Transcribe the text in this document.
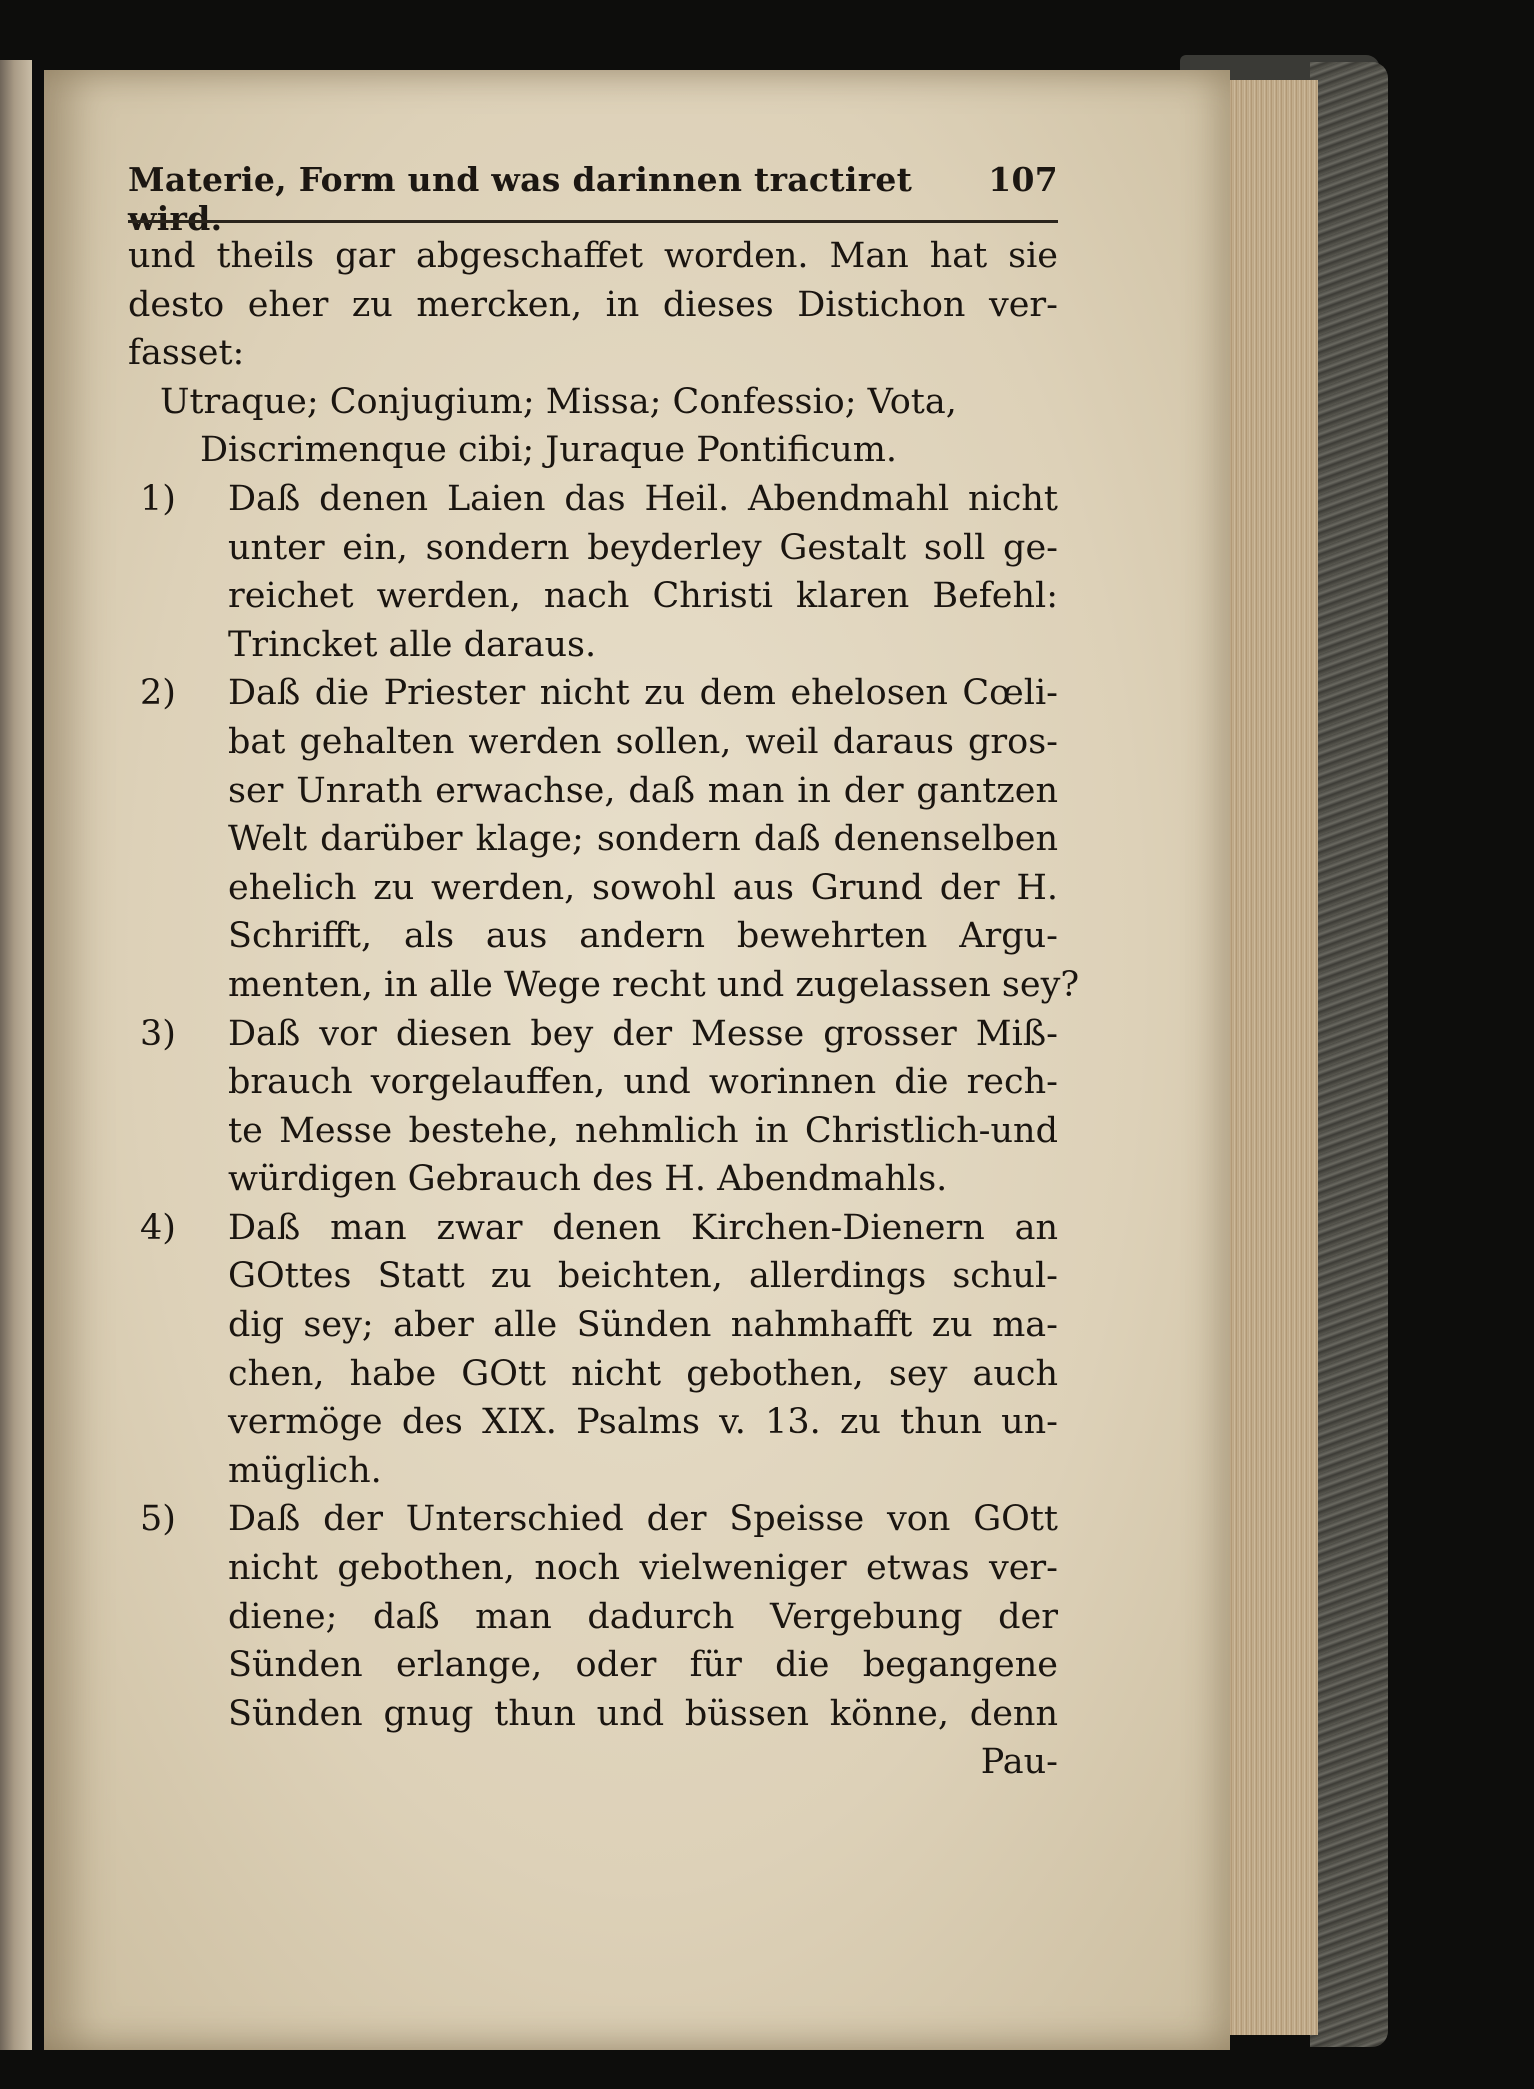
Materie, Form und was darinnen tractiret wird.
107
und theils gar abgeschaffet worden. Man hat sie
desto eher zu mercken, in dieses Distichon ver-
fasset:
Utraque; Conjugium; Missa; Confessio; Vota,
Discrimenque cibi; Juraque Pontificum.
1) Daß denen Laien das Heil. Abendmahl nicht
unter ein, sondern beyderley Gestalt soll ge-
reichet werden, nach Christi klaren Befehl:
Trincket alle daraus.
2) Daß die Priester nicht zu dem ehelosen Cœli-
bat gehalten werden sollen, weil daraus gros-
ser Unrath erwachse, daß man in der gantzen
Welt darüber klage; sondern daß denenselben
ehelich zu werden, sowohl aus Grund der H.
Schrifft, als aus andern bewehrten Argu-
menten, in alle Wege recht und zugelassen sey?
3) Daß vor diesen bey der Messe grosser Miß-
brauch vorgelauffen, und worinnen die rech-
te Messe bestehe, nehmlich in Christlich-und
würdigen Gebrauch des H. Abendmahls.
4) Daß man zwar denen Kirchen-Dienern an
GOttes Statt zu beichten, allerdings schul-
dig sey; aber alle Sünden nahmhafft zu ma-
chen, habe GOtt nicht gebothen, sey auch
vermöge des XIX. Psalms v. 13. zu thun un-
müglich.
5) Daß der Unterschied der Speisse von GOtt
nicht gebothen, noch vielweniger etwas ver-
diene; daß man dadurch Vergebung der
Sünden erlange, oder für die begangene
Sünden gnug thun und büssen könne, denn
Pau-
